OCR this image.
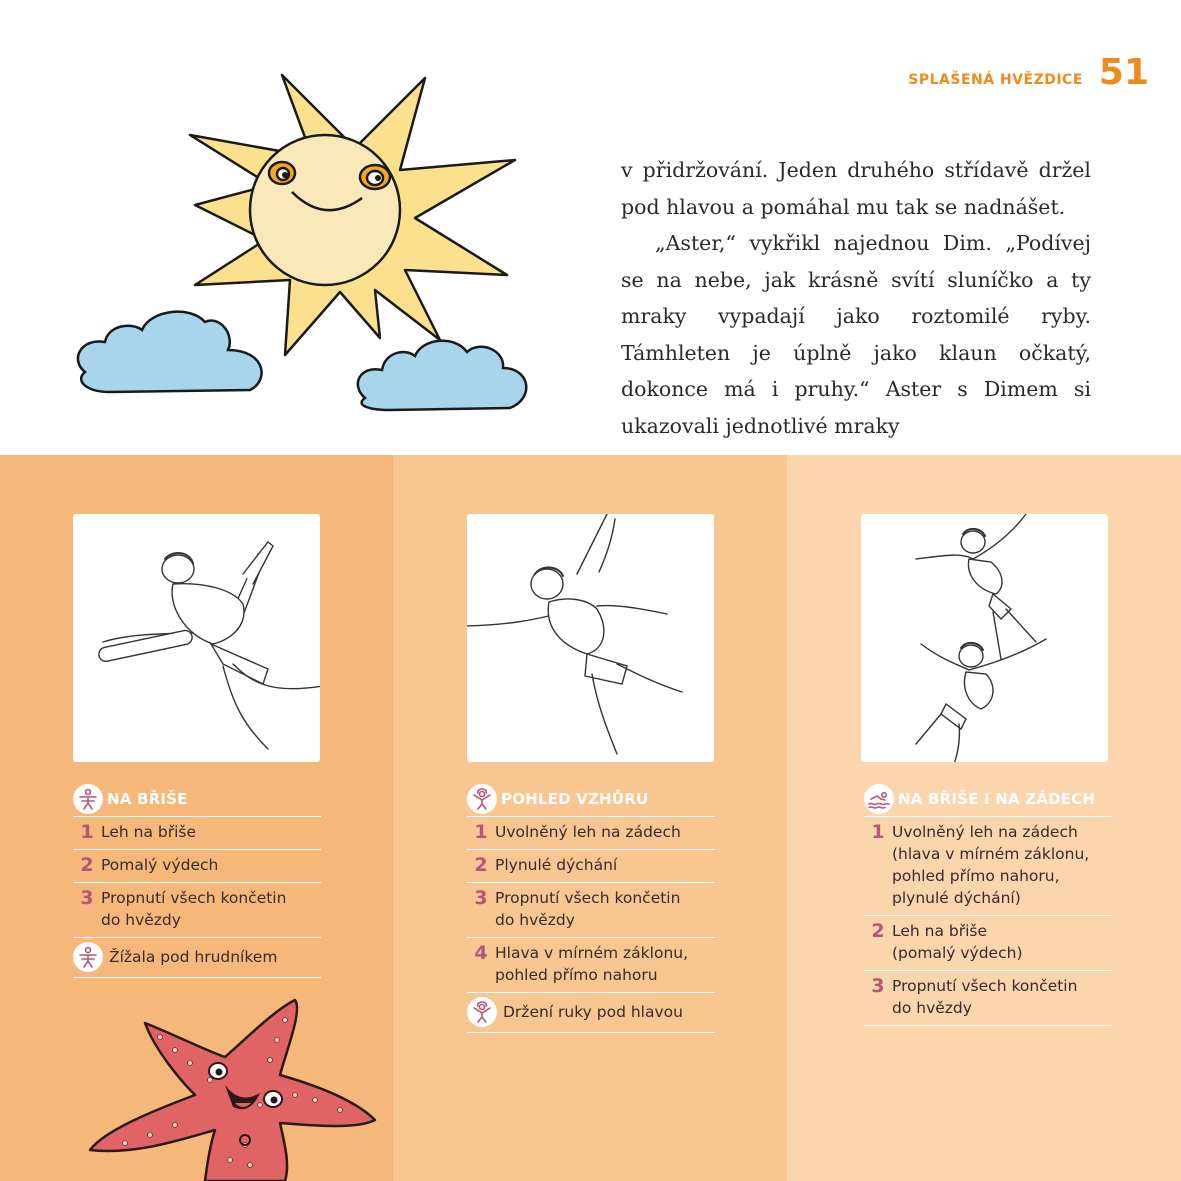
SPLAŠENÁ HVĚZDICE 51

v přidržování. Jeden druhého střídavě držel pod hlavou a pomáhal mu tak se nadnášet.

„Aster,“ vykřikl najednou Dim. „Podívej se na nebe, jak krásně svítí sluníčko a ty mraky vypadají jako roztomilé ryby. Támhleten je úplně jako klaun očkatý, dokonce má i pruhy.“ Aster s Dimem si ukazovali jednotlivé mraky

NA BŘIŠE
1 Leh na břiše
2 Pomalý výdech
3 Propnutí všech končetin
do hvězdy
Žížala pod hrudníkem
POHLED VZHŮRU
1 Uvolněný leh na zádech
2 Plynulé dýchání
3 Propnutí všech končetin
do hvězdy
4 Hlava v mírném záklonu,
pohled přímo nahoru
Držení ruky pod hlavou
NA BŘIŠE I NA ZÁDECH
1 Uvolněný leh na zádech
(hlava v mírném záklonu,
pohled přímo nahoru,
plynulé dýchání)
2 Leh na břiše
(pomalý výdech)
3 Propnutí všech končetin
do hvězdy
